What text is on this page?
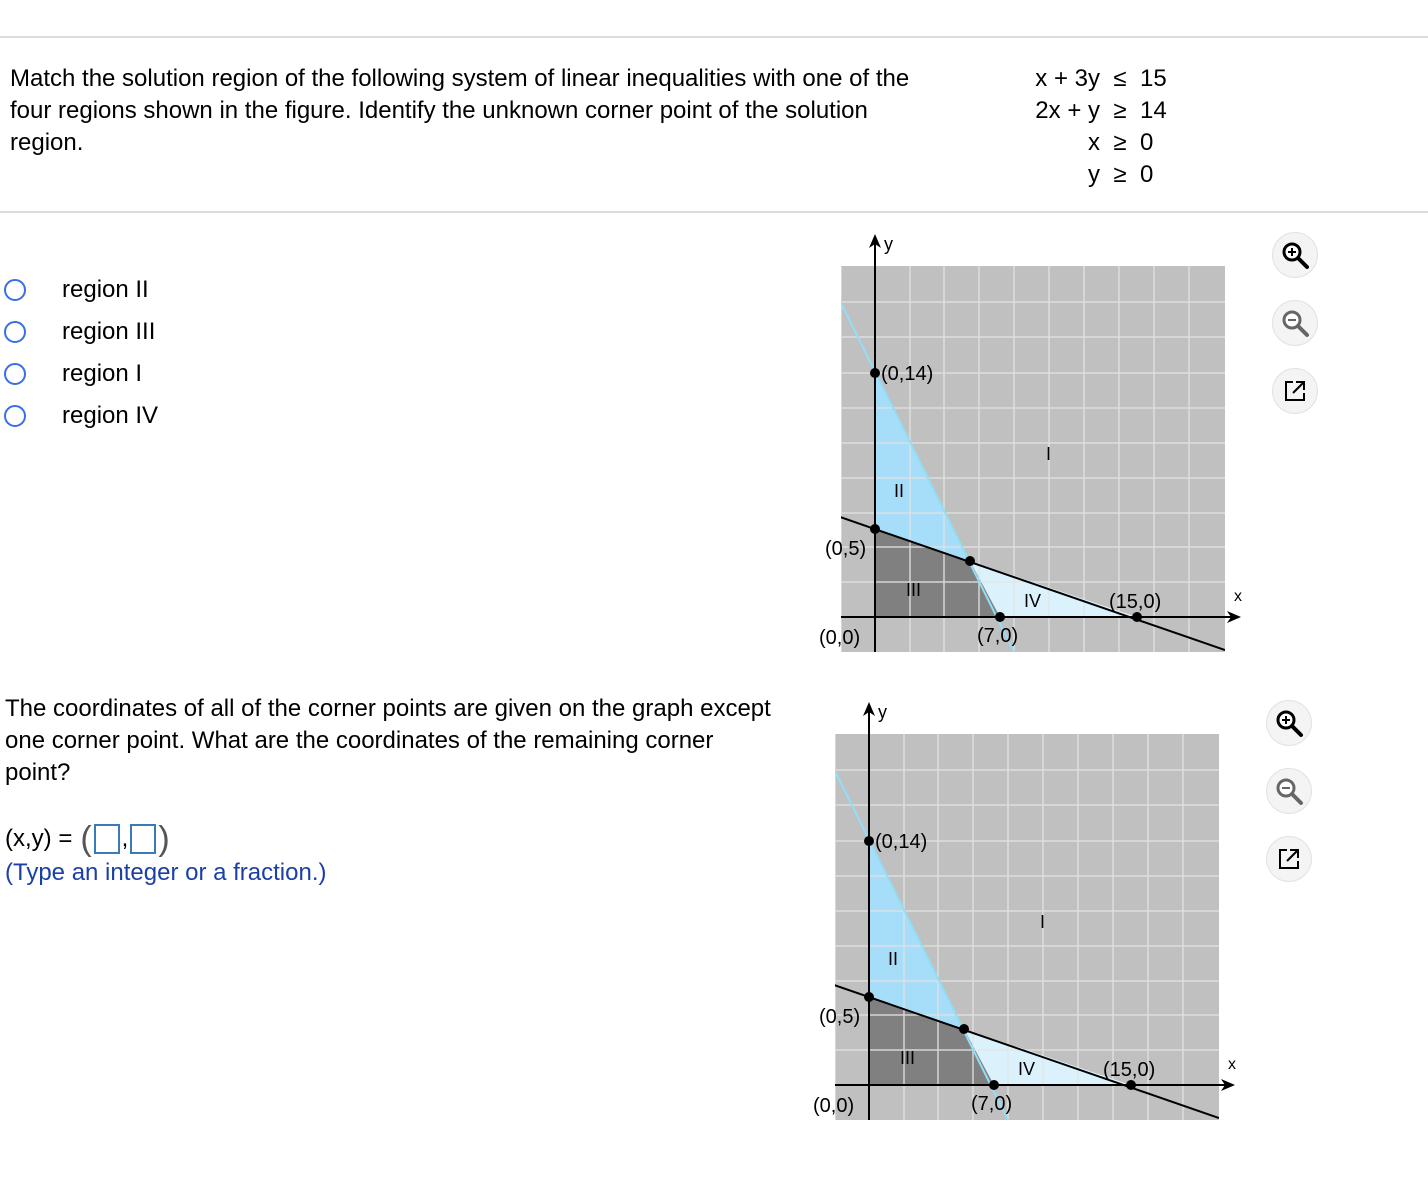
Match the solution region of the following system of linear inequalities with one of the four regions shown in the figure. Identify the unknown corner point of the solution region.
x + 3y ≤ 15
2x + y ≥ 14
x ≥ 0
y ≥ 0
region II
region III
region I
region IV
y
x
(0,14)
(0,5)
(0,0)	(7,0)
(15,0)
I
II
III
IV
y
x
(0,14)
(0,5)
(0,0)	(7,0)
(15,0)
I
II
III
IV
The coordinates of all of the corner points are given on the graph except one corner point. What are the coordinates of the remaining corner point?
(x,y) = ( , )
(Type an integer or a fraction.)
